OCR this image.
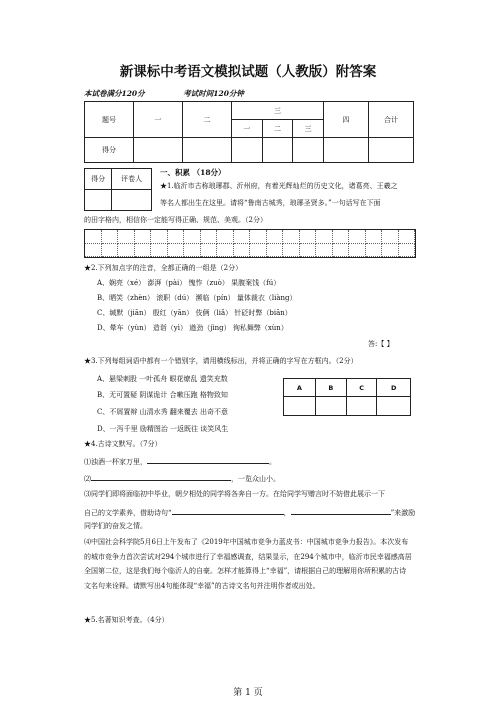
新课标中考语文模拟试题（人教版）附答案
本试卷满分120分	考试时间120分钟
题号	一	二	三			四	合计
			一	二	三		
得分							
得分	评卷人

一、积累 （18分）
★1.临沂市古称琅琊郡、沂州府，有着光辉灿烂的历史文化，诸葛亮、王羲之
等名人都出生在这里。请将“鲁南古城秀，琅琊圣贤多。”一句话写在下面
的田字格内，相信你一定能写得正确、规范、美观。（2分）
★2.下列加点字的注音，全都正确的一组是（2分）
A、娴亮（xé） 澎湃（pài） 愧怍（zuò） 果腹案饯（fú）
B、晒笑（zhèn） 滚职（dú） 濒临（pín） 量体裁衣（liàng）
C、缄默（jiān） 殷红（yān） 伎俩（liǎ） 针砭时弊（biān）
D、晕车（yùn） 造诣（yì） 遒劲（jìng） 徇私舞弊（xùn）
答:【 】
★3.下列每组词语中都有一个错别字，请用横线标出，并将正确的字写在方框内。（2分）
A、悬梁刺股 一叶孤舟 眼花缭乱 遗笑充数
B、无可置疑 阴谋诡计 合嗽压跑 格物致知
C、不屑置辩 山清水秀 翻来覆去 出奇不意
D、一泻千里 励精图治 一返既往 谈笑风生
A	B	C	D

★4.古诗文默写。（7分）
⑴浊酒一杯家万里，	。
⑵	，一览众山小。
⑶同学们即将面临初中毕业，朝夕相处的同学将各奔自一方。在给同学写赠言时不妨借此展示一下
自己的文学素养，借助诗句“	，	”来激励
同学们的奋发之情。
⑷中国社会科学院5月6日上午发布了《2019年中国城市竞争力蓝皮书：中国城市竞争力报告》。本次发布的城市竞争力首次尝试对294个城市进行了幸福感调查，结果显示，在294个城市中，临沂市民幸福感高居全国第二位，这是我们每个临沂人的自豪。怎样才能算得上“幸福”，请根据自己的理解用你所积累的古诗文名句来诠释。请默写出4句能体现“幸福”的古诗文名句并注明作者或出处。
★5.名著知识考查。（4分）
第 1 页
